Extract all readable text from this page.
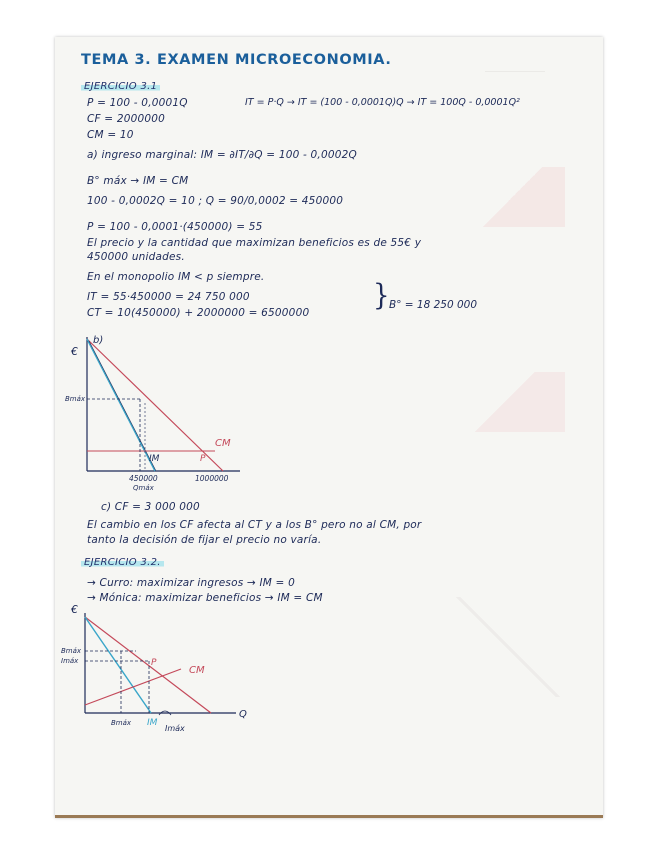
TEMA 3. EXAMEN MICROECONOMIA.
EJERCICIO 3.1
P = 100 - 0,0001Q	IT = P·Q → IT = (100 - 0,0001Q)Q → IT = 100Q - 0,0001Q²
CF = 2000000
CM = 10
a) ingreso marginal: IM = ∂IT/∂Q = 100 - 0,0002Q
B° máx → IM = CM
100 - 0,0002Q = 10 ; Q = 90/0,0002 = 450000
P = 100 - 0,0001·(450000) = 55
El precio y la cantidad que maximizan beneficios es de 55€ y
450000 unidades.
En el monopolio IM < p siempre.
IT = 55·450000 = 24 750 000
CT = 10(450000) + 2000000 = 6500000
} B° = 18 250 000
b)
€
Bmáx
CM
IM	P
450000
Qmáx
1000000
c) CF = 3 000 000
El cambio en los CF afecta al CT y a los B° pero no al CM, por
tanto la decisión de fijar el precio no varía.
EJERCICIO 3.2.
→ Curro: maximizar ingresos → IM = 0
→ Mónica: maximizar beneficios → IM = CM
€
Bmáx
Imáx	P
CM
Q
Bmáx IM
Imáx
